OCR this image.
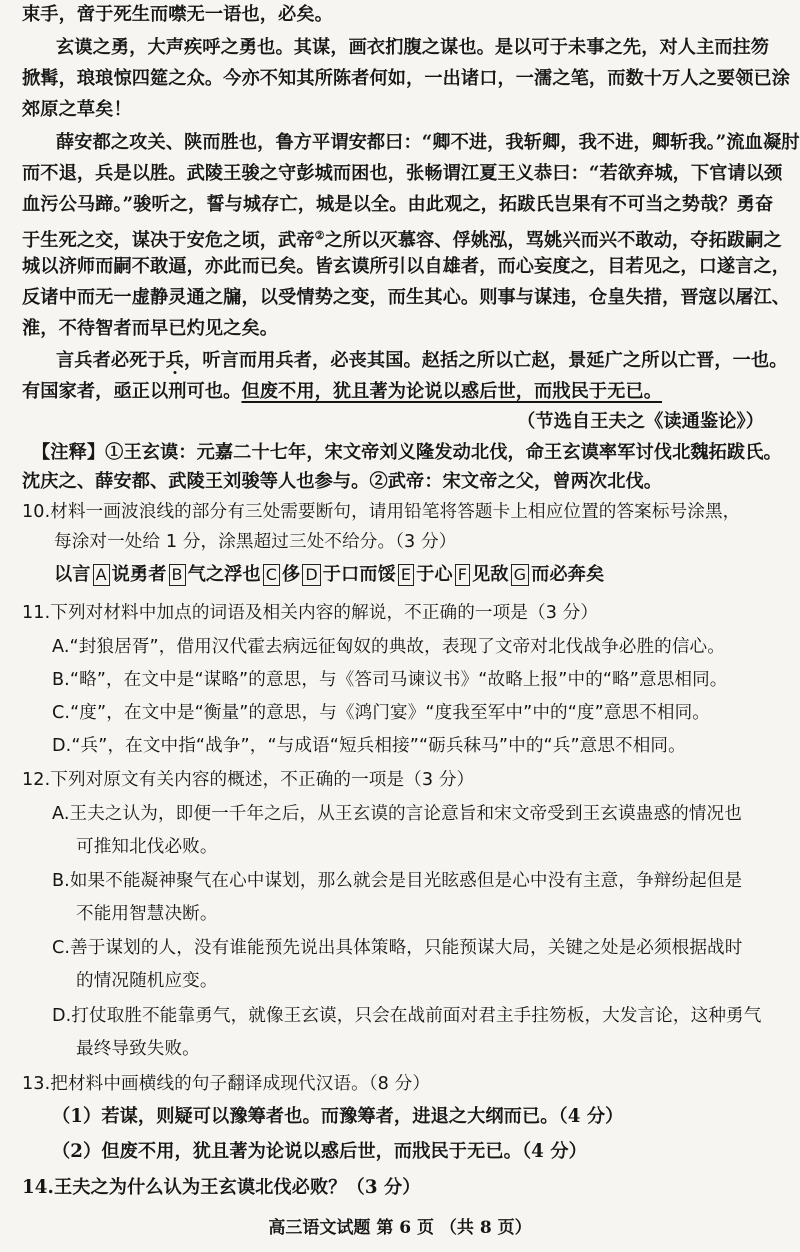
束手，啻于死生而噤无一语也，必矣。
玄谟之勇，大声疾呼之勇也。其谋，画衣扪腹之谋也。是以可于未事之先，对人主而拄笏
掀髯，琅琅惊四筵之众。今亦不知其所陈者何如，一出诸口，一濡之笔，而数十万人之要领已涂
郊原之草矣！
薛安都之攻关、陕而胜也，鲁方平谓安都曰：“卿不进，我斩卿，我不进，卿斩我。”流血凝肘
而不退，兵是以胜。武陵王骏之守彭城而困也，张畅谓江夏王义恭曰：“若欲弃城，下官请以颈
血污公马蹄。”骏听之，誓与城存亡，城是以全。由此观之，拓跋氏岂果有不可当之势哉？勇奋
于生死之交，谋决于安危之顷，武帝②之所以灭慕容、俘姚泓，骂姚兴而兴不敢动，夺拓跋嗣之
城以济师而嗣不敢逼，亦此而已矣。皆玄谟所引以自雄者，而心妄度之，目若见之，口遂言之，
反诸中而无一虚静灵通之牖，以受情势之变，而生其心。则事与谋违，仓皇失措，晋寇以屠江、
淮，不待智者而早已灼见之矣。
言兵者必死于兵，听言而用兵者，必丧其国。赵括之所以亡赵，景延广之所以亡晋，一也。
有国家者，亟正以刑可也。但废不用，犹且著为论说以惑后世，而戕民于无已。
（节选自王夫之《读通鉴论》）
【注释】①王玄谟：元嘉二十七年，宋文帝刘义隆发动北伐，命王玄谟率军讨伐北魏拓跋氏。
沈庆之、薛安都、武陵王刘骏等人也参与。②武帝：宋文帝之父，曾两次北伐。
10.材料一画波浪线的部分有三处需要断句，请用铅笔将答题卡上相应位置的答案标号涂黑，
每涂对一处给 1 分，涂黑超过三处不给分。（3 分）
以言 A 说勇者 B 气之浮也 C 侈 D 于口而馁 E 于心 F 见敌 G 而必奔矣
11.下列对材料中加点的词语及相关内容的解说，不正确的一项是（3 分）
A.“封狼居胥”，借用汉代霍去病远征匈奴的典故，表现了文帝对北伐战争必胜的信心。
B.“略”，在文中是“谋略”的意思，与《答司马谏议书》“故略上报”中的“略”意思相同。
C.“度”，在文中是“衡量”的意思，与《鸿门宴》“度我至军中”中的“度”意思不相同。
D.“兵”，在文中指“战争”，“与成语“短兵相接”“砺兵秣马”中的“兵”意思不相同。
12.下列对原文有关内容的概述，不正确的一项是（3 分）
A.王夫之认为，即便一千年之后，从王玄谟的言论意旨和宋文帝受到王玄谟蛊惑的情况也
可推知北伐必败。
B.如果不能凝神聚气在心中谋划，那么就会是目光眩惑但是心中没有主意，争辩纷起但是
不能用智慧决断。
C.善于谋划的人，没有谁能预先说出具体策略，只能预谋大局，关键之处是必须根据战时
的情况随机应变。
D.打仗取胜不能靠勇气，就像王玄谟，只会在战前面对君主手拄笏板，大发言论，这种勇气
最终导致失败。
13.把材料中画横线的句子翻译成现代汉语。（8 分）
（1）若谋，则疑可以豫筹者也。而豫筹者，进退之大纲而已。（4 分）
（2）但废不用，犹且著为论说以惑后世，而戕民于无已。（4 分）
14.王夫之为什么认为王玄谟北伐必败？（3 分）
高三语文试题 第 6 页 （共 8 页）
